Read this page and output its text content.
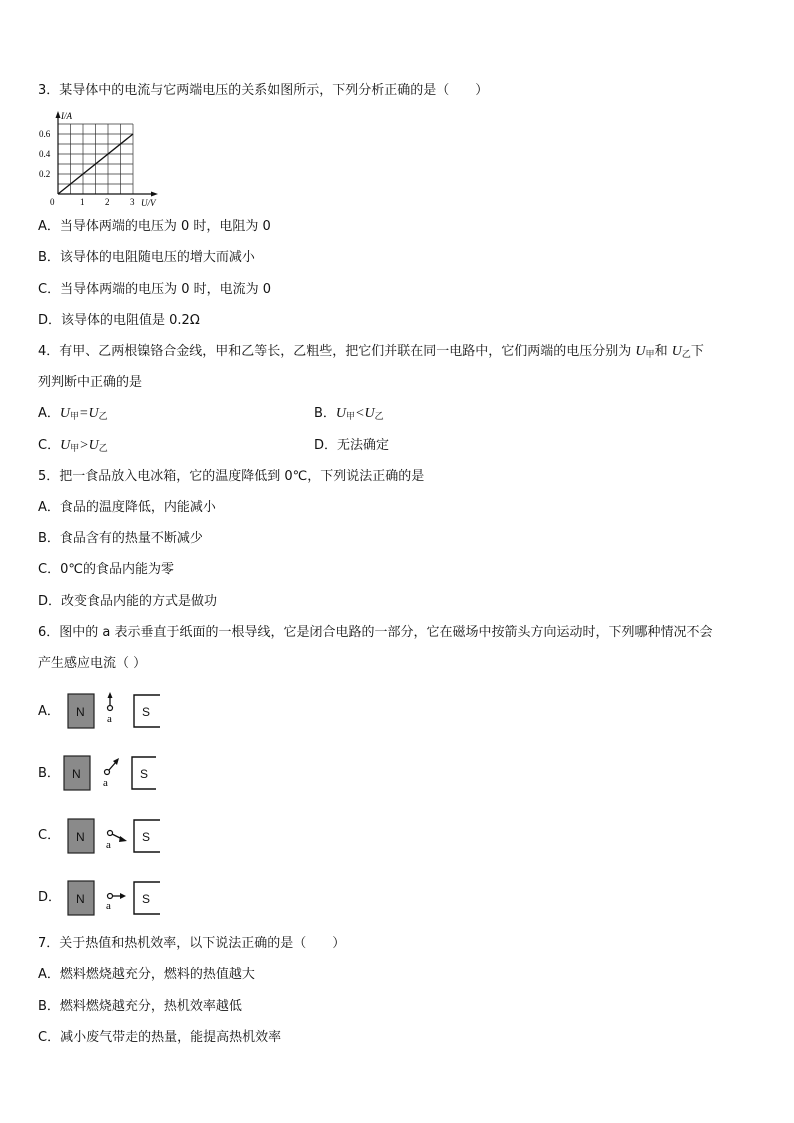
3．某导体中的电流与它两端电压的关系如图所示，下列分析正确的是（　　）
I/A
U/V
0	1 2 3
0.2
0.4
0.6
A．当导体两端的电压为 0 时，电阻为 0
B．该导体的电阻随电压的增大而减小
C．当导体两端的电压为 0 时，电流为 0
D．该导体的电阻值是 0.2Ω
4．有甲、乙两根镍铬合金线，甲和乙等长，乙粗些，把它们并联在同一电路中，它们两端的电压分别为 $U_甲$和 $U_乙$下
列判断中正确的是
A．$U_甲=U_乙$	B．$U_甲<U_乙$
C．$U_甲>U_乙$	D．无法确定
5．把一食品放入电冰箱，它的温度降低到 0℃，下列说法正确的是
A．食品的温度降低，内能减小
B．食品含有的热量不断减少
C．0℃的食品内能为零
D．改变食品内能的方式是做功
6．图中的 a 表示垂直于纸面的一根导线，它是闭合电路的一部分，它在磁场中按箭头方向运动时，下列哪种情况不会
产生感应电流（ ）
A． N a	S
B． N
a
S
C． N
a
S
D． N a	S
7．关于热值和热机效率，以下说法正确的是（　　）
A．燃料燃烧越充分，燃料的热值越大
B．燃料燃烧越充分，热机效率越低
C．减小废气带走的热量，能提高热机效率
